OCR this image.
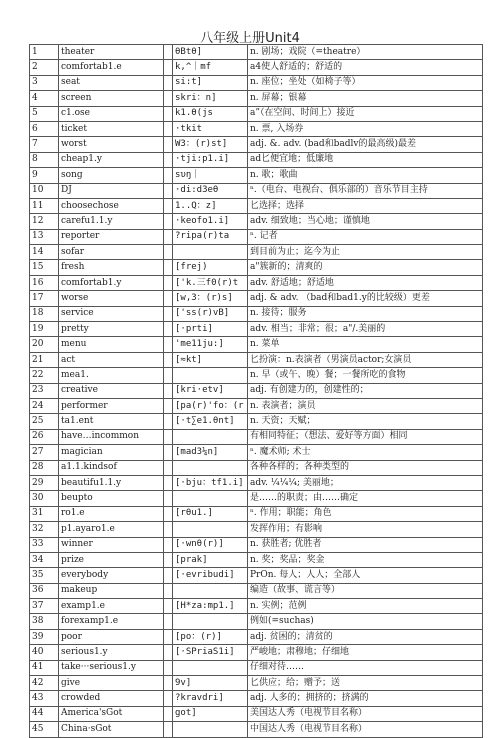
八年级上册Unit4
1	theater		θBtθ]	n. 剧场；戏院（=theatre）
2	comfortab1.e		k,^｜mf	a4使人舒适的；舒适的
3	seat		si:t]	n. 座位；坐处（如椅子等）
4	screen		skri：n]	n. 屏幕；银幕
5	c1.ose		k1.θ(js	a”（在空间、时间上）接近
6	ticket		·tkit	n. 票, 入场券
7	worst		W3：(r)st]	adj. &. adv. (bad和badlv的最高级)最差
8	cheap1.y		·tji:p1.i]	ad匕便宜地；低廉地
9	song		sυŋ｜	n. 歌；歌曲
10	DJ		·di:d3eθ	ⁿ.（电台、电视台、俱乐部的）音乐节目主持
11	choosechose		1..Q：z]	匕选择；选择
12	carefu1.1.y		·keofo1.i]	adv. 细致地；当心地；谨慎地
13	reporter		?ripa(r)ta	ⁿ. 记者
14	sofar			到目前为止；迄今为止
15	fresh		[frej)	a"簇新的；清爽的
16	comfortab1.y		['k.三f0(r)t	adv. 舒适地；舒适地
17	worse		[w,3：(r)s]	adj. & adv. （bad和bad1.y的比较级）更差
18	service		['ss(r)vB]	n. 接待；服务
19	pretty		[·prti]	adv. 相当；非常；很；a"/.美丽的
20	menu		'me11ju:]	n. 菜单
21	act		[≈kt]	匕扮演：n.表演者（男演员actor;女演员
22	mea1.			n. 早（或午、晚）餐；一餐所吃的食物
23	creative		[kri·etv]	adj. 有创建力的，创建性的；
24	performer		[pa(r)'fo：(r	n. 表演者；演员
25	ta1.ent		[·t∑e1.θnt]	n. 天资；天赋；
26	have…incommon			有相同特征；（想法、爱好等方面）相同
27	magician		[mad3¼n]	ⁿ. 魔术师; 术士
28	a1.1.kindsof			各种各样的；各种类型的
29	beautifu1.1.y		[·bju：tf1.i]	adv. ¼¼¼; 美丽地；
30	beupto			是……的职责；由……确定
31	ro1.e		[rθu1.]	ⁿ. 作用；职能；角色
32	p1.ayaro1.e			发挥作用；有影响
33	winner		[·wnθ(r)]	n. 获胜者; 优胜者
34	prize		[prak]	n. 奖；奖品；奖金
35	everybody		[·evribudi]	PrOn. 每人；人人；全部人
36	makeup			编造（故事、谎言等）
37	examp1.e		[H*za:mp1.]	n. 实例；范例
38	forexamp1.e			例如(=suchas)
39	poor		[po：(r)]	adj. 贫困的；清贫的
40	serious1.y		[·SPriaS1i]	严峻地；肃穆地；仔细地
41	take···serious1.y			仔细对待……
42	give		9v]	匕供应；给；赠予；送
43	crowded		?kravdri]	adj. 人多的；拥挤的；挤满的
44	America'sGot		got]	美国达人秀（电视节目名称）
45	China·sGot			中国达人秀（电视节目名称）
